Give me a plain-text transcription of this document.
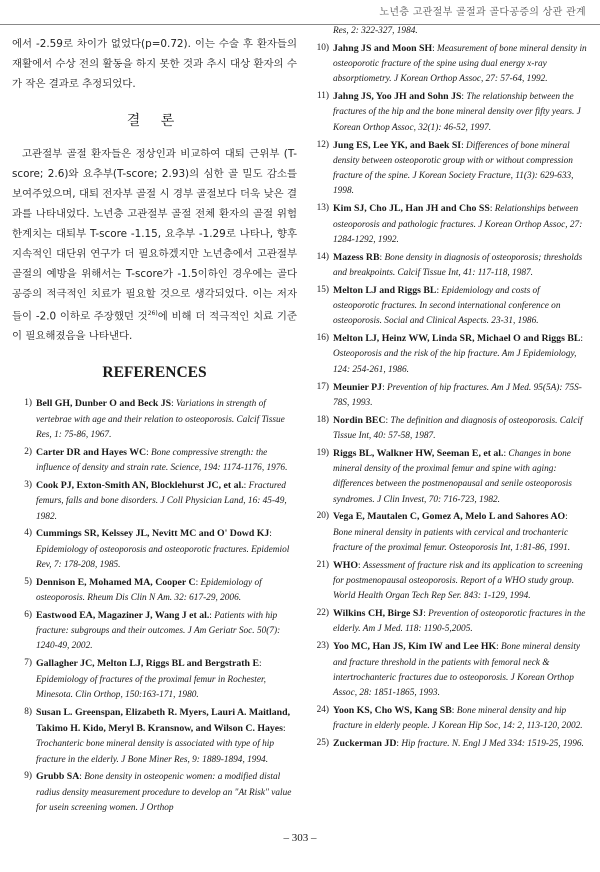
노년층 고관절부 골절과 골다공증의 상관 관계

에서 -2.59로 차이가 없었다(p=0.72). 이는 수술 후 환자들의 재활에서 수상 전의 활동을 하지 못한 것과 추시 대상 환자의 수가 작은 결과로 추정되었다.

결 론

고관절부 골절 환자들은 정상인과 비교하여 대퇴 근위부 (T-score; 2.6)와 요추부(T-score; 2.93)의 심한 골 밀도 감소를 보여주었으며, 대퇴 전자부 골절 시 경부 골절보다 더욱 낮은 결과를 나타내었다. 노년층 고관절부 골절 전체 환자의 골절 위험 한계치는 대퇴부 T-score -1.15, 요추부 -1.29로 나타나, 향후 지속적인 대단위 연구가 더 필요하겠지만 노년층에서 고관절부 골절의 예방을 위해서는 T-score가 -1.5이하인 경우에는 골다공증의 적극적인 치료가 필요할 것으로 생각되었다. 이는 저자들이 -2.0 이하로 주장했던 것$^{26)}$에 비해 더 적극적인 치료 기준이 필요해졌음을 나타낸다.

REFERENCES
1) Bell GH, Dunber O and Beck JS: Variations in strength of vertebrae with age and their relation to osteoporosis. Calcif Tissue Res, 1: 75-86, 1967.
2) Carter DR and Hayes WC: Bone compressive strength: the influence of density and strain rate. Science, 194: 1174-1176, 1976.
3) Cook PJ, Exton-Smith AN, Blocklehurst JC, et al.: Fractured femurs, falls and bone disorders. J Coll Physician Land, 16: 45-49, 1982.
4) Cummings SR, Kelssey JL, Nevitt MC and O' Dowd KJ: Epidemiology of osteoporosis and osteoporotic fractures. Epidemiol Rev, 7: 178-208, 1985.
5) Dennison E, Mohamed MA, Cooper C: Epidemiology of osteoporosis. Rheum Dis Clin N Am. 32: 617-29, 2006.
6) Eastwood EA, Magaziner J, Wang J et al.: Patients with hip fracture: subgroups and their outcomes. J Am Geriatr Soc. 50(7): 1240-49, 2002.
7) Gallagher JC, Melton LJ, Riggs BL and Bergstrath E: Epidemiology of fractures of the proximal femur in Rochester, Minesota. Clin Orthop, 150:163-171, 1980.
8) Susan L. Greenspan, Elizabeth R. Myers, Lauri A. Maitland, Takimo H. Kido, Meryl B. Kransnow, and Wilson C. Hayes: Trochanteric bone mineral density is associated with type of hip fracture in the elderly. J Bone Miner Res, 9: 1889-1894, 1994.
9) Grubb SA: Bone density in osteopenic women: a modified distal radius density measurement procedure to develop an "At Risk" value for usein screening women. J Orthop
Res, 2: 322-327, 1984.
10) Jahng JS and Moon SH: Measurement of bone mineral density in osteoporotic fracture of the spine using dual energy x-ray absorptiometry. J Korean Orthop Assoc, 27: 57-64, 1992.
11) Jahng JS, Yoo JH and Sohn JS: The relationship between the fractures of the hip and the bone mineral density over fifty years. J Korean Orthop Assoc, 32(1): 46-52, 1997.
12) Jung ES, Lee YK, and Baek SI: Differences of bone mineral density between osteoporotic group with or without compression fracture of the spine. J Korean Society Fracture, 11(3): 629-633, 1998.
13) Kim SJ, Cho JL, Han JH and Cho SS: Relationships between osteoporosis and pathologic fractures. J Korean Orthop Assoc, 27: 1284-1292, 1992.
14) Mazess RB: Bone density in diagnosis of osteoporosis; thresholds and breakpoints. Calcif Tissue Int, 41: 117-118, 1987.
15) Melton LJ and Riggs BL: Epidemiology and costs of osteoporotic fractures. In second international conference on osteoporosis. Social and Clinical Aspects. 23-31, 1986.
16) Melton LJ, Heinz WW, Linda SR, Michael O and Riggs BL: Osteoporosis and the risk of the hip fracture. Am J Epidemiology, 124: 254-261, 1986.
17) Meunier PJ: Prevention of hip fractures. Am J Med. 95(5A): 75S-78S, 1993.
18) Nordin BEC: The definition and diagnosis of osteoporosis. Calcif Tissue Int, 40: 57-58, 1987.
19) Riggs BL, Walkner HW, Seeman E, et al.: Changes in bone mineral density of the proximal femur and spine with aging: differences between the postmenopausal and senile osteoporosis syndromes. J Clin Invest, 70: 716-723, 1982.
20) Vega E, Mautalen C, Gomez A, Melo L and Sahores AO: Bone mineral density in patients with cervical and trochanteric fracture of the proximal femur. Osteoporosis Int, 1:81-86, 1991.
21) WHO: Assessment of fracture risk and its application to screening for postmenopausal osteoporosis. Report of a WHO study group. World Health Organ Tech Rep Ser. 843: 1-129, 1994.
22) Wilkins CH, Birge SJ: Prevention of osteoporotic fractures in the elderly. Am J Med. 118: 1190-5,2005.
23) Yoo MC, Han JS, Kim IW and Lee HK: Bone mineral density and fracture threshold in the patients with femoral neck & intertrochanteric fractures due to osteoporosis. J Korean Orthop Assoc, 28: 1851-1865, 1993.
24) Yoon KS, Cho WS, Kang SB: Bone mineral density and hip fracture in elderly people. J Korean Hip Soc, 14: 2, 113-120, 2002.
25) Zuckerman JD: Hip fracture. N. Engl J Med 334: 1519-25, 1996.
– 303 –
